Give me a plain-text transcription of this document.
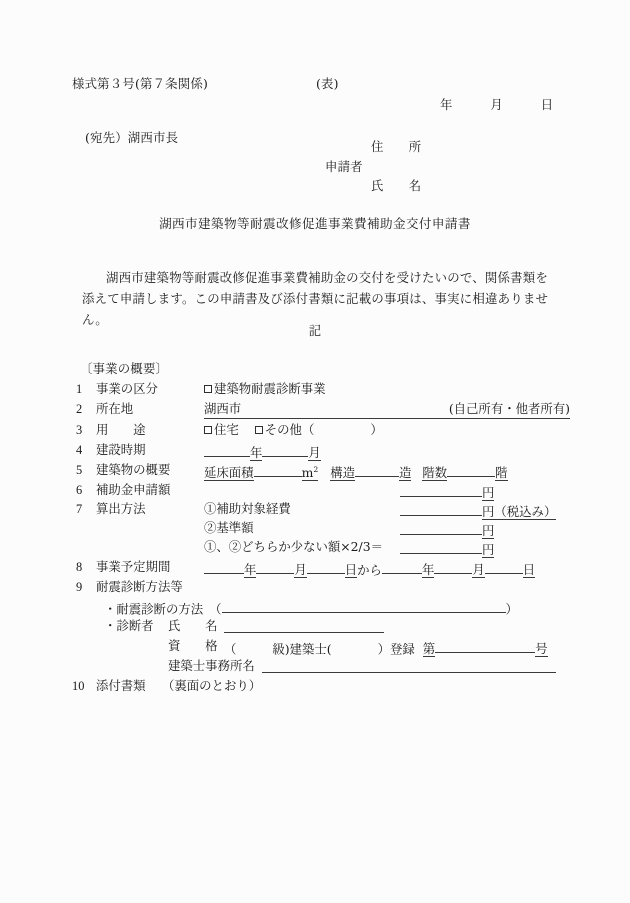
様式第３号(第７条関係)	(表)
年　　　月　　　日
(宛先）湖西市長
住　　所
申請者
氏　　名
湖西市建築物等耐震改修促進事業費補助金交付申請書
湖西市建築物等耐震改修促進事業費補助金の交付を受けたいので、関係書類を添えて申請します。この申請書及び添付書類に記載の事項は、事実に相違ありません。
記
〔事業の概要〕
1	事業の区分	建築物耐震診断事業
2	所在地	湖西市	(自己所有・他者所有)
3	用　　途	住宅 その他（	）
4	建設時期	年	月
5	建築物の概要	延床面積	$m^2$ 構造	造 階数	階
6	補助金申請額	円
7	算出方法	①補助対象経費	円（税込み）
②基準額	円
①、②どちらか少ない額×2/3＝	円
8	事業予定期間	年	月	日から	年	月	日
9	耐震診断方法等
・耐震診断の方法 （	）
・診断者 氏　　名
資　　格 （	級)建築士(	）登録 第	号
建築士事務所名
10 添付書類 （裏面のとおり）
